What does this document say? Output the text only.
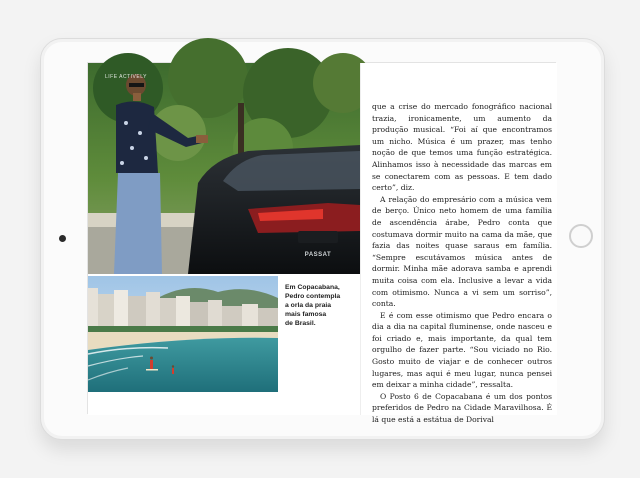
PASSAT
LIFE ACTIVELY
Em Copacabana,
Pedro contempla
a orla da praia
mais famosa
de Brasil.

que a crise do mercado fonográfico nacional trazia, ironicamente, um aumento da produção musical. “Foi aí que encontramos um nicho. Música é um prazer, mas tenho noção de que temos uma função estratégica. Alinhamos isso à necessidade das marcas em se conectarem com as pessoas. E tem dado certo”, diz.

A relação do empresário com a música vem de berço. Único neto homem de uma família de ascendência árabe, Pedro conta que costumava dormir muito na cama da mãe, que fazia das noites quase saraus em família. “Sempre escutávamos música antes de dormir. Minha mãe adorava samba e aprendi muita coisa com ela. Inclusive a levar a vida com otimismo. Nunca a vi sem um sorriso”, conta.

E é com esse otimismo que Pedro encara o dia a dia na capital fluminense, onde nasceu e foi criado e, mais importante, da qual tem orgulho de fazer parte. “Sou viciado no Rio. Gosto muito de viajar e de conhecer outros lugares, mas aqui é meu lugar, nunca pensei em deixar a minha cidade”, ressalta.

O Posto 6 de Copacabana é um dos pontos preferidos de Pedro na Cidade Maravilhosa. É lá que está a estátua de Dorival
